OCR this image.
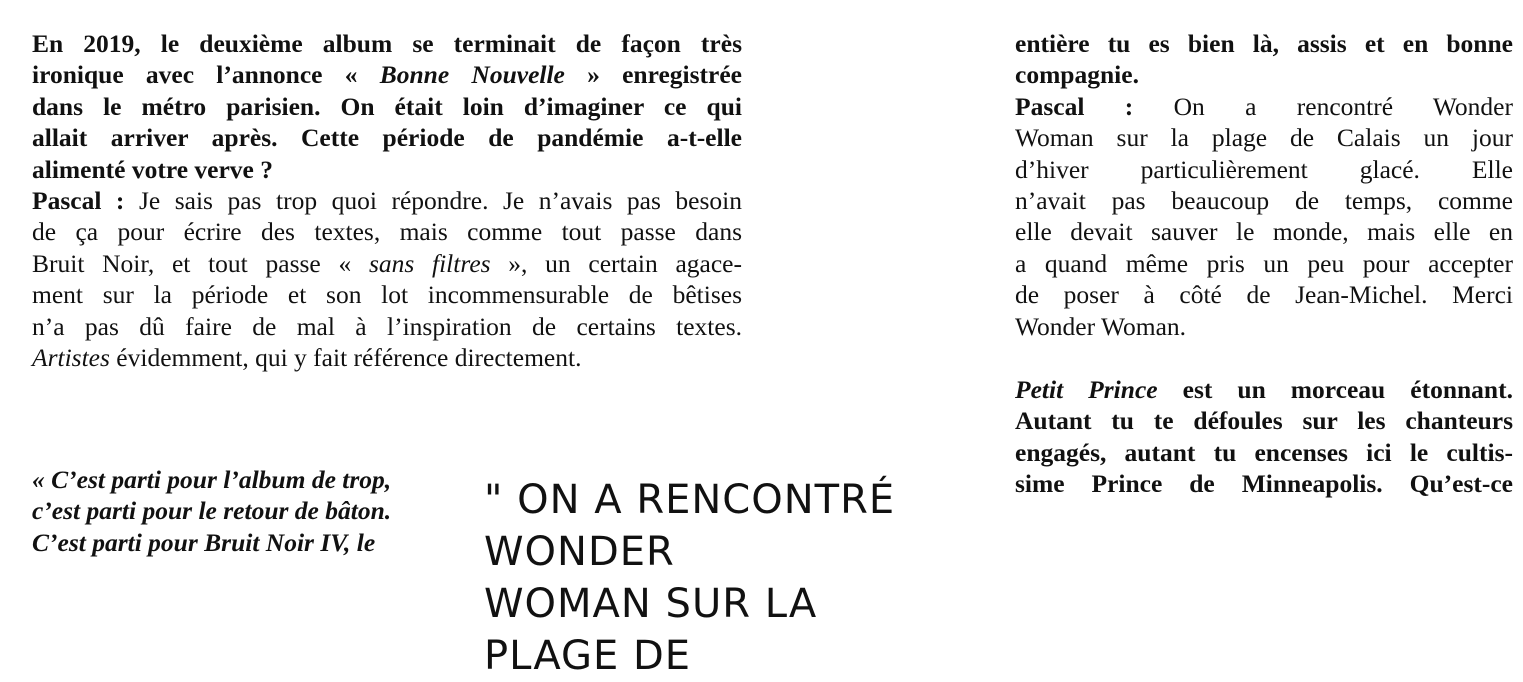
En 2019, le deuxième album se terminait de façon très

ironique avec l’annonce « Bonne Nouvelle » enregistrée

dans le métro parisien. On était loin d’imaginer ce qui

allait arriver après. Cette période de pandémie a-t-elle

alimenté votre verve ?

Pascal : Je sais pas trop quoi répondre. Je n’avais pas besoin

de ça pour écrire des textes, mais comme tout passe dans

Bruit Noir, et tout passe « sans filtres », un certain agace-

ment sur la période et son lot incommensurable de bêtises

n’a pas dû faire de mal à l’inspiration de certains textes.

Artistes évidemment, qui y fait référence directement.

« C’est parti pour l’album de trop,
c’est parti pour le retour de bâton.
C’est parti pour Bruit Noir IV, le
" ON A RENCONTRÉ WONDER
WOMAN SUR LA PLAGE DE

entière tu es bien là, assis et en bonne

compagnie.

Pascal : On a rencontré Wonder

Woman sur la plage de Calais un jour

d’hiver particulièrement glacé. Elle

n’avait pas beaucoup de temps, comme

elle devait sauver le monde, mais elle en

a quand même pris un peu pour accepter

de poser à côté de Jean-Michel. Merci

Wonder Woman.

Petit Prince est un morceau étonnant.

Autant tu te défoules sur les chanteurs

engagés, autant tu encenses ici le cultis-

sime Prince de Minneapolis. Qu’est-ce
